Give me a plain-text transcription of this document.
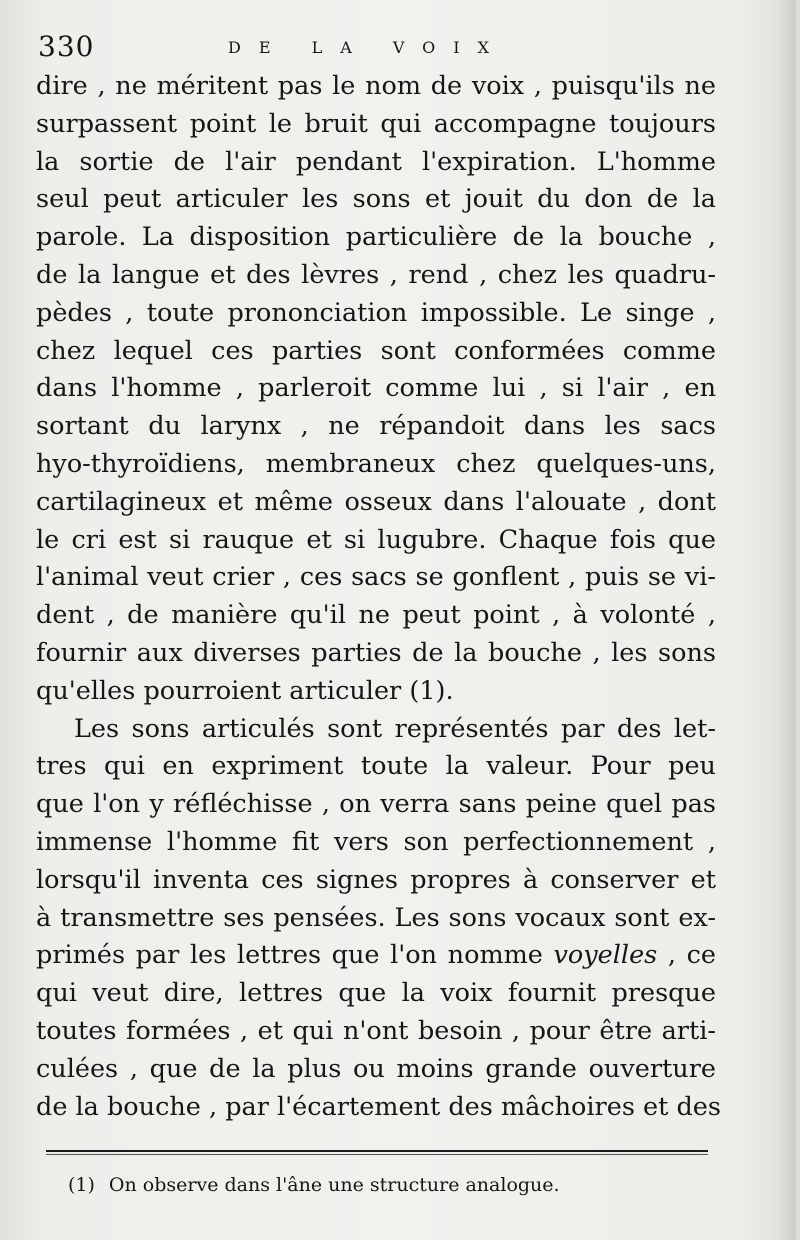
330	DE LA VOIX
dire , ne méritent pas le nom de voix , puisqu'ils ne
surpassent point le bruit qui accompagne toujours
la sortie de l'air pendant l'expiration. L'homme
seul peut articuler les sons et jouit du don de la
parole. La disposition particulière de la bouche ,
de la langue et des lèvres , rend , chez les quadru-
pèdes , toute prononciation impossible. Le singe ,
chez lequel ces parties sont conformées comme
dans l'homme , parleroit comme lui , si l'air , en
sortant du larynx , ne répandoit dans les sacs
hyo-thyroïdiens, membraneux chez quelques-uns,
cartilagineux et même osseux dans l'alouate , dont
le cri est si rauque et si lugubre. Chaque fois que
l'animal veut crier , ces sacs se gonflent , puis se vi-
dent , de manière qu'il ne peut point , à volonté ,
fournir aux diverses parties de la bouche , les sons
qu'elles pourroient articuler (1).
Les sons articulés sont représentés par des let-
tres qui en expriment toute la valeur. Pour peu
que l'on y réfléchisse , on verra sans peine quel pas
immense l'homme fit vers son perfectionnement ,
lorsqu'il inventa ces signes propres à conserver et
à transmettre ses pensées. Les sons vocaux sont ex-
primés par les lettres que l'on nomme voyelles , ce
qui veut dire, lettres que la voix fournit presque
toutes formées , et qui n'ont besoin , pour être arti-
culées , que de la plus ou moins grande ouverture
de la bouche , par l'écartement des mâchoires et des
(1) On observe dans l'âne une structure analogue.
